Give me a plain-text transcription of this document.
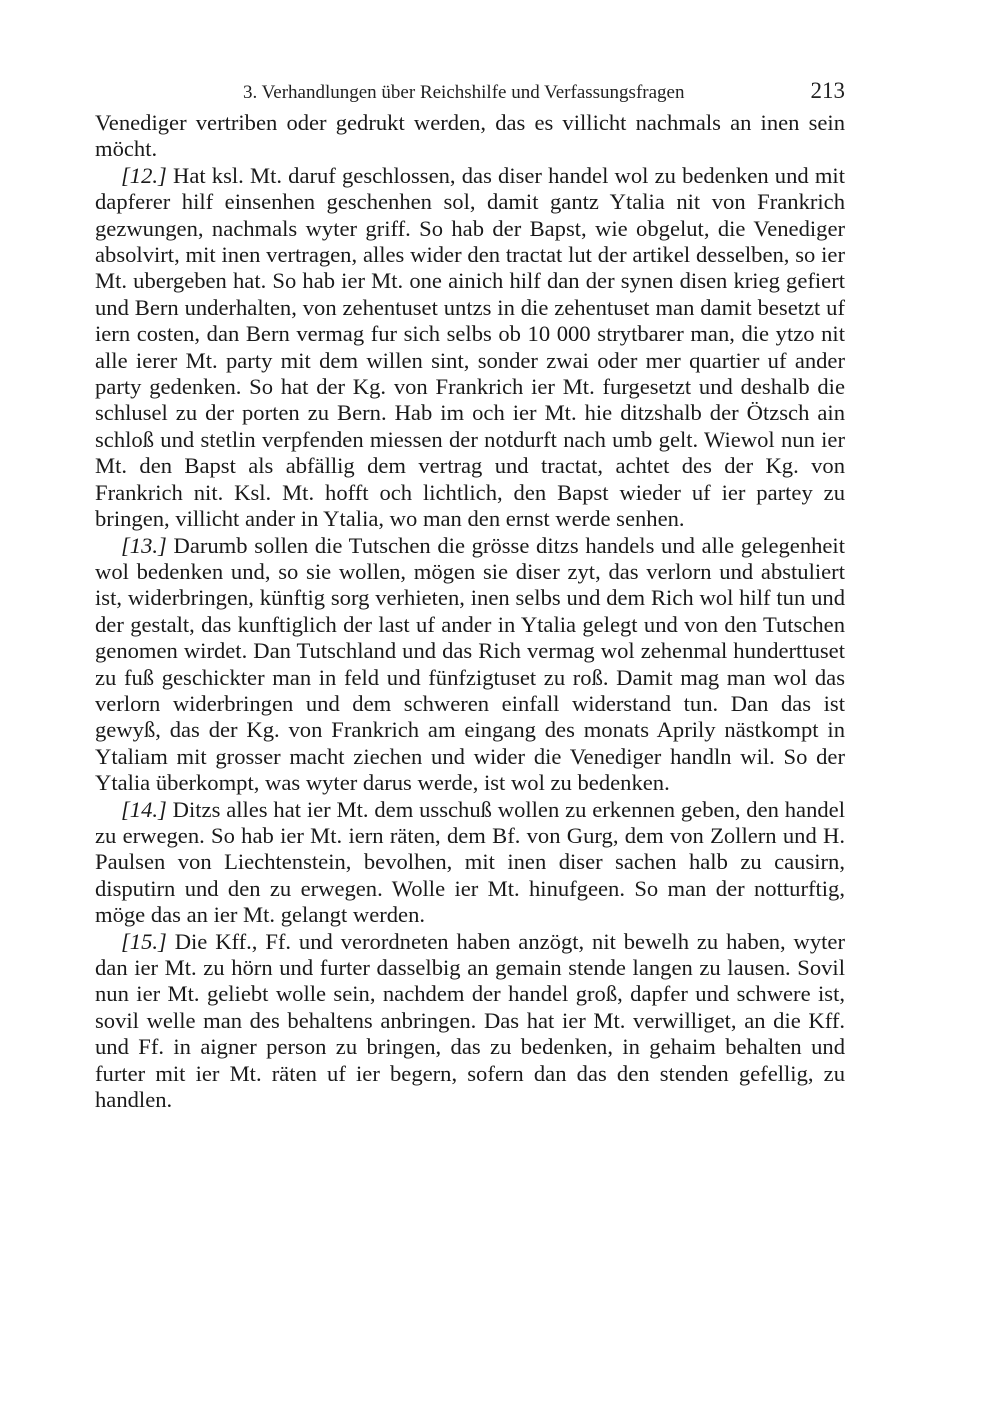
3. Verhandlungen über Reichshilfe und Verfassungsfragen	213

Venediger vertriben oder gedrukt werden, das es villicht nachmals an inen sein möcht.

[12.] Hat ksl. Mt. daruf geschlossen, das diser handel wol zu bedenken und mit dapferer hilf einsenhen geschenhen sol, damit gantz Ytalia nit von Frankrich gezwungen, nachmals wyter griff. So hab der Bapst, wie obgelut, die Venediger absolvirt, mit inen vertragen, alles wider den tractat lut der artikel desselben, so ier Mt. ubergeben hat. So hab ier Mt. one ainich hilf dan der synen disen krieg gefiert und Bern underhalten, von zehentuset untzs in die zehentuset man damit besetzt uf iern costen, dan Bern vermag fur sich selbs ob 10 000 strytbarer man, die ytzo nit alle ierer Mt. party mit dem willen sint, sonder zwai oder mer quartier uf ander party gedenken. So hat der Kg. von Frankrich ier Mt. furgesetzt und deshalb die schlusel zu der porten zu Bern. Hab im och ier Mt. hie ditzshalb der Ötzsch ain schloß und stetlin verpfenden miessen der notdurft nach umb gelt. Wiewol nun ier Mt. den Bapst als abfällig dem vertrag und tractat, achtet des der Kg. von Frankrich nit. Ksl. Mt. hofft och lichtlich, den Bapst wieder uf ier partey zu bringen, villicht ander in Ytalia, wo man den ernst werde senhen.

[13.] Darumb sollen die Tutschen die grösse ditzs handels und alle gelegenheit wol bedenken und, so sie wollen, mögen sie diser zyt, das verlorn und abstuliert ist, widerbringen, künftig sorg verhieten, inen selbs und dem Rich wol hilf tun und der gestalt, das kunftiglich der last uf ander in Ytalia gelegt und von den Tutschen genomen wirdet. Dan Tutschland und das Rich vermag wol zehenmal hunderttuset zu fuß geschickter man in feld und fünfzigtuset zu roß. Damit mag man wol das verlorn widerbringen und dem schweren einfall widerstand tun. Dan das ist gewyß, das der Kg. von Frankrich am eingang des monats Aprily nästkompt in Ytaliam mit grosser macht ziechen und wider die Venediger handln wil. So der Ytalia überkompt, was wyter darus werde, ist wol zu bedenken.

[14.] Ditzs alles hat ier Mt. dem usschuß wollen zu erkennen geben, den handel zu erwegen. So hab ier Mt. iern räten, dem Bf. von Gurg, dem von Zollern und H. Paulsen von Liechtenstein, bevolhen, mit inen diser sachen halb zu causirn, disputirn und den zu erwegen. Wolle ier Mt. hinufgeen. So man der notturftig, möge das an ier Mt. gelangt werden.

[15.] Die Kff., Ff. und verordneten haben anzögt, nit bewelh zu haben, wyter dan ier Mt. zu hörn und furter dasselbig an gemain stende langen zu lausen. Sovil nun ier Mt. geliebt wolle sein, nachdem der handel groß, dapfer und schwere ist, sovil welle man des behaltens anbringen. Das hat ier Mt. verwilliget, an die Kff. und Ff. in aigner person zu bringen, das zu bedenken, in gehaim behalten und furter mit ier Mt. räten uf ier begern, sofern dan das den stenden gefellig, zu handlen.
